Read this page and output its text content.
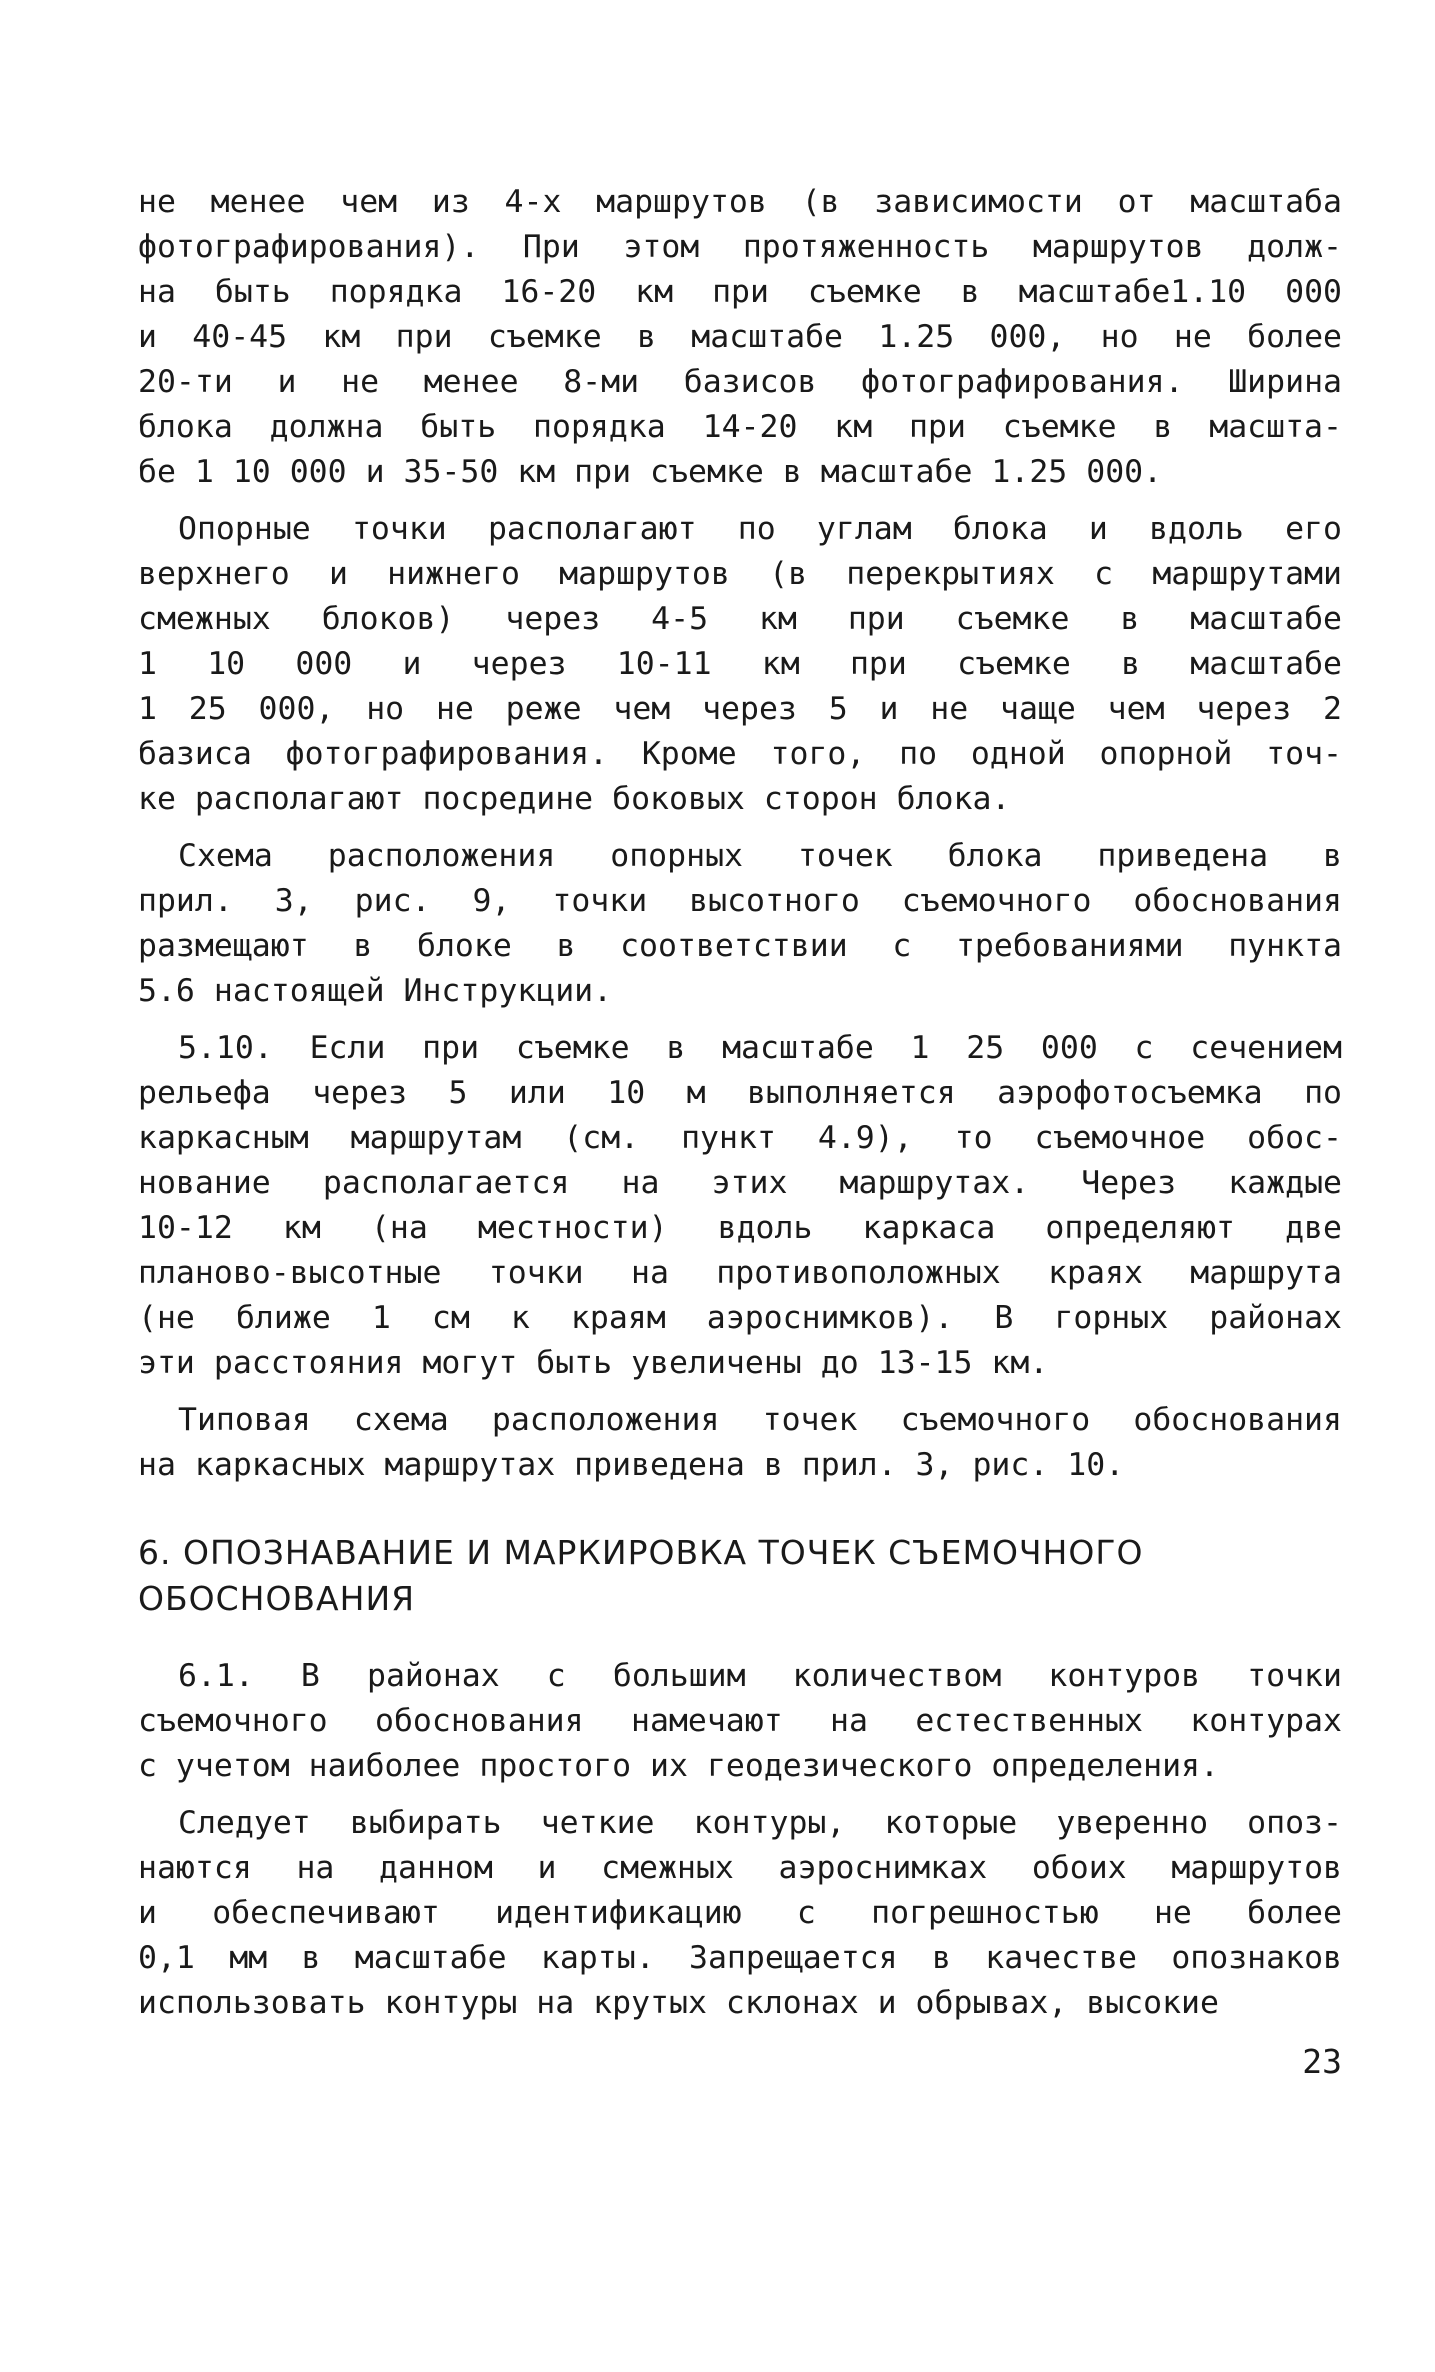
не менее чем из 4-х маршрутов (в зависимости от масштаба
фотографирования). При этом протяженность маршрутов долж-
на быть порядка 16-20 км при съемке в масштабе1.10 000
и 40-45 км при съемке в масштабе 1.25 000, но не более
20-ти и не менее 8-ми базисов фотографирования. Ширина
блока должна быть порядка 14-20 км при съемке в масшта-
бе 1 10 000 и 35-50 км при съемке в масштабе 1.25 000.

Опорные точки располагают по углам блока и вдоль его
верхнего и нижнего маршрутов (в перекрытиях с маршрутами
смежных блоков) через 4-5 км при съемке в масштабе
1 10 000 и через 10-11 км при съемке в масштабе
1 25 000, но не реже чем через 5 и не чаще чем через 2
базиса фотографирования. Кроме того, по одной опорной точ-
ке располагают посредине боковых сторон блока.

Схема расположения опорных точек блока приведена в
прил. 3, рис. 9, точки высотного съемочного обоснования
размещают в блоке в соответствии с требованиями пункта
5.6 настоящей Инструкции.

5.10. Если при съемке в масштабе 1 25 000 с сечением
рельефа через 5 или 10 м выполняется аэрофотосъемка по
каркасным маршрутам (см. пункт 4.9), то съемочное обос-
нование располагается на этих маршрутах. Через каждые
10-12 км (на местности) вдоль каркаса определяют две
планово-высотные точки на противоположных краях маршрута
(не ближе 1 см к краям аэроснимков). В горных районах
эти расстояния могут быть увеличены до 13-15 км.

Типовая схема расположения точек съемочного обоснования
на каркасных маршрутах приведена в прил. 3, рис. 10.

6. ОПОЗНАВАНИЕ И МАРКИРОВКА ТОЧЕК СЪЕМОЧНОГО
ОБОСНОВАНИЯ

6.1. В районах с большим количеством контуров точки
съемочного обоснования намечают на естественных контурах
с учетом наиболее простого их геодезического определения.

Следует выбирать четкие контуры, которые уверенно опоз-
наются на данном и смежных аэроснимках обоих маршрутов
и обеспечивают идентификацию с погрешностью не более
0,1 мм в масштабе карты. Запрещается в качестве опознаков
использовать контуры на крутых склонах и обрывах, высокие

23
